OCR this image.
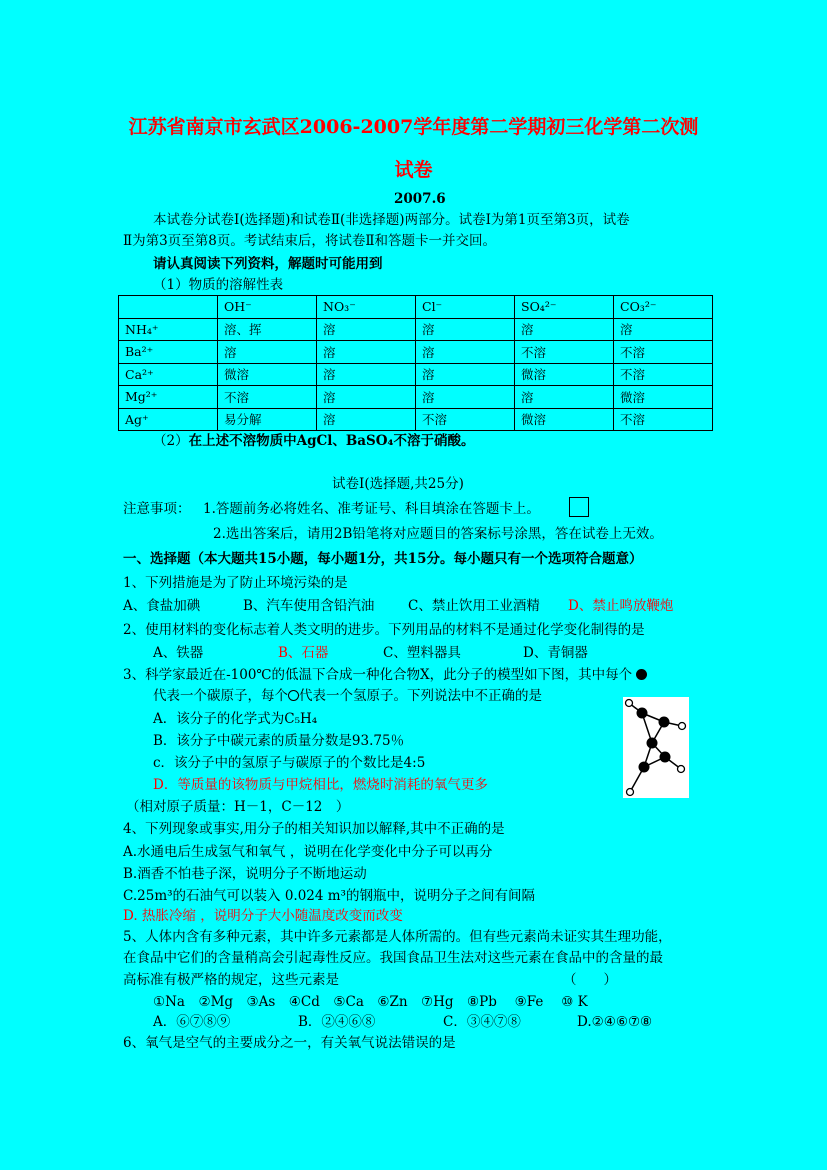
江苏省南京市玄武区2006-2007学年度第二学期初三化学第二次测
试卷
2007.6
本试卷分试卷Ⅰ(选择题)和试卷Ⅱ(非选择题)两部分。试卷Ⅰ为第1页至第3页，试卷
Ⅱ为第3页至第8页。考试结束后，将试卷Ⅱ和答题卡一并交回。
请认真阅读下列资料，解题时可能用到
（1）物质的溶解性表
	OH⁻	NO₃⁻	Cl⁻	SO₄²⁻	CO₃²⁻
NH₄⁺	溶、挥	溶	溶	溶	溶
Ba²⁺	溶	溶	溶	不溶	不溶
Ca²⁺	微溶	溶	溶	微溶	不溶
Mg²⁺	不溶	溶	溶	溶	微溶
Ag⁺	易分解	溶	不溶	微溶	不溶
（2）在上述不溶物质中AgCl、BaSO₄不溶于硝酸。
试卷Ⅰ(选择题,共25分)
注意事项： 1.答题前务必将姓名、准考证号、科目填涂在答题卡上。
2.选出答案后，请用2B铅笔将对应题目的答案标号涂黑，答在试卷上无效。
一、选择题（本大题共15小题，每小题1分，共15分。每小题只有一个选项符合题意）
1、下列措施是为了防止环境污染的是
A、食盐加碘	B、汽车使用含铅汽油 C、禁止饮用工业酒精 D、禁止鸣放鞭炮
2、使用材料的变化标志着人类文明的进步。下列用品的材料不是通过化学变化制得的是
A、铁器	B、石器	C、塑料器具	D、青铜器
3、科学家最近在-100℃的低温下合成一种化合物X，此分子的模型如下图，其中每个
代表一个碳原子，每个 代表一个氢原子。下列说法中不正确的是
A．该分子的化学式为C₅H₄
B．该分子中碳元素的质量分数是93.75％
c．该分子中的氢原子与碳原子的个数比是4:5
D．等质量的该物质与甲烷相比，燃烧时消耗的氧气更多
（相对原子质量：H－1，C－12　）
4、下列现象或事实,用分子的相关知识加以解释,其中不正确的是
A.水通电后生成氢气和氧气 ，说明在化学变化中分子可以再分
B.酒香不怕巷子深，说明分子不断地运动
C.25m³的石油气可以装入 0.024 m³的钢瓶中，说明分子之间有间隔
D. 热胀冷缩 ，说明分子大小随温度改变而改变
5、人体内含有多种元素，其中许多元素都是人体所需的。但有些元素尚未证实其生理功能，
在食品中它们的含量稍高会引起毒性反应。我国食品卫生法对这些元素在食品中的含量的最
高标准有极严格的规定，这些元素是	（　　）
①Na　②Mg　③As　④Cd　⑤Ca　⑥Zn　⑦Hg　⑧Pb　 ⑨Fe　 ⑩ K
A．⑥⑦⑧⑨	B．②④⑥⑧	C．③④⑦⑧	D.②④⑥⑦⑧
6、氧气是空气的主要成分之一，有关氧气说法错误的是
